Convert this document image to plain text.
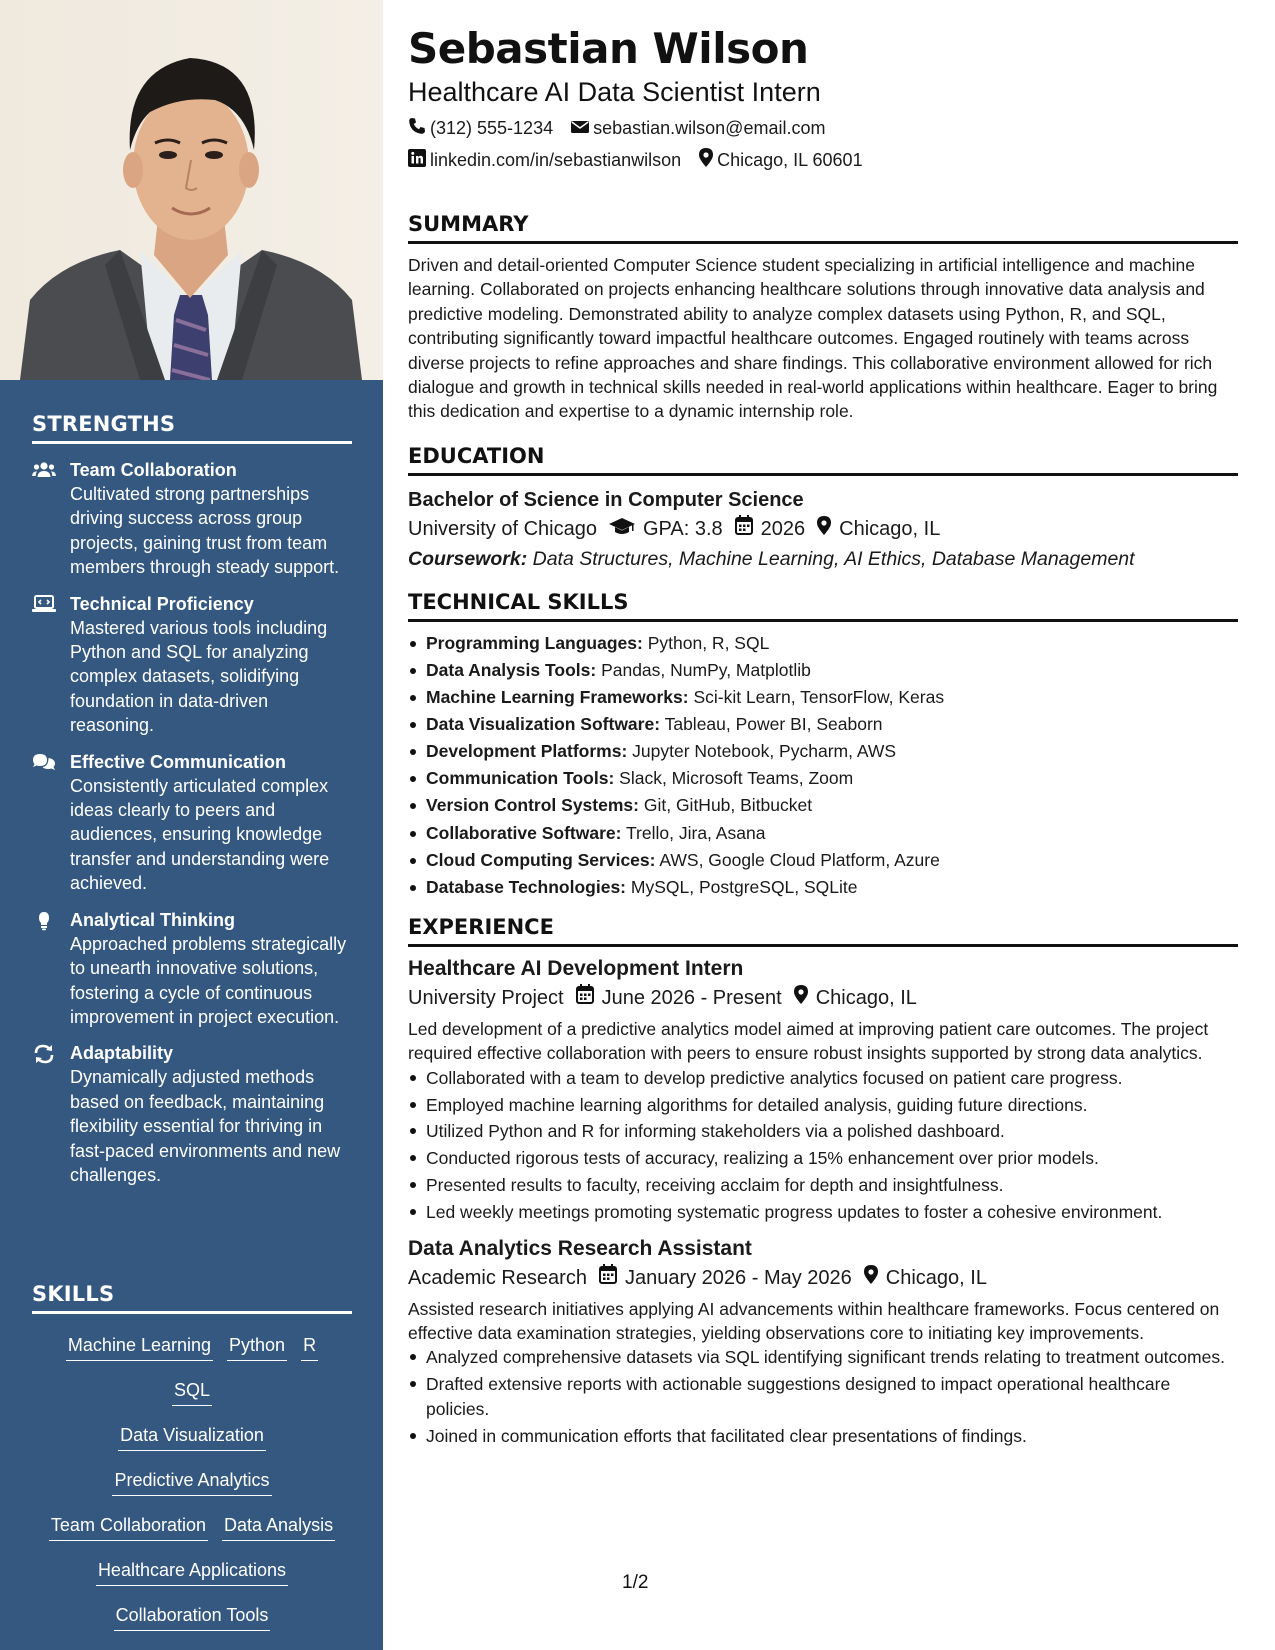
STRENGTHS
Team Collaboration
Cultivated strong partnerships driving success across group projects, gaining trust from team members through steady support.
Technical Proficiency
Mastered various tools including Python and SQL for analyzing complex datasets, solidifying foundation in data-driven reasoning.
Effective Communication
Consistently articulated complex ideas clearly to peers and audiences, ensuring knowledge transfer and understanding were achieved.
Analytical Thinking
Approached problems strategically to unearth innovative solutions, fostering a cycle of continuous improvement in project execution.
Adaptability
Dynamically adjusted methods based on feedback, maintaining flexibility essential for thriving in fast-paced environments and new challenges.
SKILLS
Machine Learning Python RSQL
Data Visualization
Predictive Analytics
Team Collaboration Data Analysis
Healthcare Applications
Collaboration Tools
Sebastian Wilson
Healthcare AI Data Scientist Intern
(312) 555-1234 sebastian.wilson@email.com
linkedin.com/in/sebastianwilson Chicago, IL 60601
SUMMARY
Driven and detail-oriented Computer Science student specializing in artificial intelligence and machine learning. Collaborated on projects enhancing healthcare solutions through innovative data analysis and predictive modeling. Demonstrated ability to analyze complex datasets using Python, R, and SQL, contributing significantly toward impactful healthcare outcomes. Engaged routinely with teams across diverse projects to refine approaches and share findings. This collaborative environment allowed for rich dialogue and growth in technical skills needed in real-world applications within healthcare. Eager to bring this dedication and expertise to a dynamic internship role.
EDUCATION
Bachelor of Science in Computer Science
University of Chicago GPA: 3.8 2026 Chicago, IL
Coursework: Data Structures, Machine Learning, AI Ethics, Database Management
TECHNICAL SKILLS
Programming Languages: Python, R, SQL
Data Analysis Tools: Pandas, NumPy, Matplotlib
Machine Learning Frameworks: Sci-kit Learn, TensorFlow, Keras
Data Visualization Software: Tableau, Power BI, Seaborn
Development Platforms: Jupyter Notebook, Pycharm, AWS
Communication Tools: Slack, Microsoft Teams, Zoom
Version Control Systems: Git, GitHub, Bitbucket
Collaborative Software: Trello, Jira, Asana
Cloud Computing Services: AWS, Google Cloud Platform, Azure
Database Technologies: MySQL, PostgreSQL, SQLite
EXPERIENCE
Healthcare AI Development Intern
University Project June 2026 - Present Chicago, IL
Led development of a predictive analytics model aimed at improving patient care outcomes. The project required effective collaboration with peers to ensure robust insights supported by strong data analytics.
Collaborated with a team to develop predictive analytics focused on patient care progress.
Employed machine learning algorithms for detailed analysis, guiding future directions.
Utilized Python and R for informing stakeholders via a polished dashboard.
Conducted rigorous tests of accuracy, realizing a 15% enhancement over prior models.
Presented results to faculty, receiving acclaim for depth and insightfulness.
Led weekly meetings promoting systematic progress updates to foster a cohesive environment.
Data Analytics Research Assistant
Academic Research January 2026 - May 2026 Chicago, IL
Assisted research initiatives applying AI advancements within healthcare frameworks. Focus centered on effective data examination strategies, yielding observations core to initiating key improvements.
Analyzed comprehensive datasets via SQL identifying significant trends relating to treatment outcomes.
Drafted extensive reports with actionable suggestions designed to impact operational healthcare policies.
Joined in communication efforts that facilitated clear presentations of findings.
1/2
